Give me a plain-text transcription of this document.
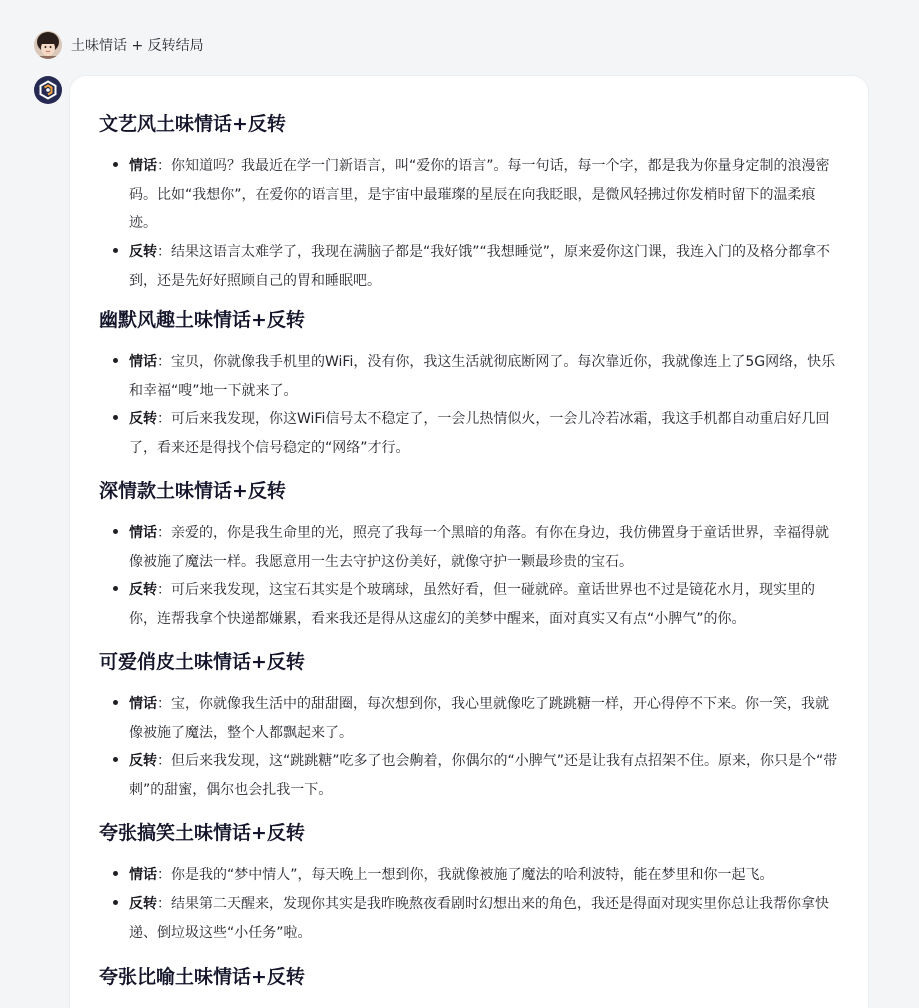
土味情话 + 反转结局
文艺风土味情话+反转
情话：你知道吗？我最近在学一门新语言，叫“爱你的语言”。每一句话，每一个字，都是我为你量身定制的浪漫密码。比如“我想你”，在爱你的语言里，是宇宙中最璀璨的星辰在向我眨眼，是微风轻拂过你发梢时留下的温柔痕迹。
反转：结果这语言太难学了，我现在满脑子都是“我好饿”“我想睡觉”，原来爱你这门课，我连入门的及格分都拿不到，还是先好好照顾自己的胃和睡眠吧。
幽默风趣土味情话+反转
情话：宝贝，你就像我手机里的WiFi，没有你，我这生活就彻底断网了。每次靠近你，我就像连上了5G网络，快乐和幸福“嗖”地一下就来了。
反转：可后来我发现，你这WiFi信号太不稳定了，一会儿热情似火，一会儿冷若冰霜，我这手机都自动重启好几回了，看来还是得找个信号稳定的“网络”才行。
深情款土味情话+反转
情话：亲爱的，你是我生命里的光，照亮了我每一个黑暗的角落。有你在身边，我仿佛置身于童话世界，幸福得就像被施了魔法一样。我愿意用一生去守护这份美好，就像守护一颗最珍贵的宝石。
反转：可后来我发现，这宝石其实是个玻璃球，虽然好看，但一碰就碎。童话世界也不过是镜花水月，现实里的你，连帮我拿个快递都嫌累，看来我还是得从这虚幻的美梦中醒来，面对真实又有点“小脾气”的你。
可爱俏皮土味情话+反转
情话：宝，你就像我生活中的甜甜圈，每次想到你，我心里就像吃了跳跳糖一样，开心得停不下来。你一笑，我就像被施了魔法，整个人都飘起来了。
反转：但后来我发现，这“跳跳糖”吃多了也会齁着，你偶尔的“小脾气”还是让我有点招架不住。原来，你只是个“带刺”的甜蜜，偶尔也会扎我一下。
夸张搞笑土味情话+反转
情话：你是我的“梦中情人”，每天晚上一想到你，我就像被施了魔法的哈利波特，能在梦里和你一起飞。
反转：结果第二天醒来，发现你其实是我昨晚熬夜看剧时幻想出来的角色，我还是得面对现实里你总让我帮你拿快递、倒垃圾这些“小任务”啦。
夸张比喻土味情话+反转
